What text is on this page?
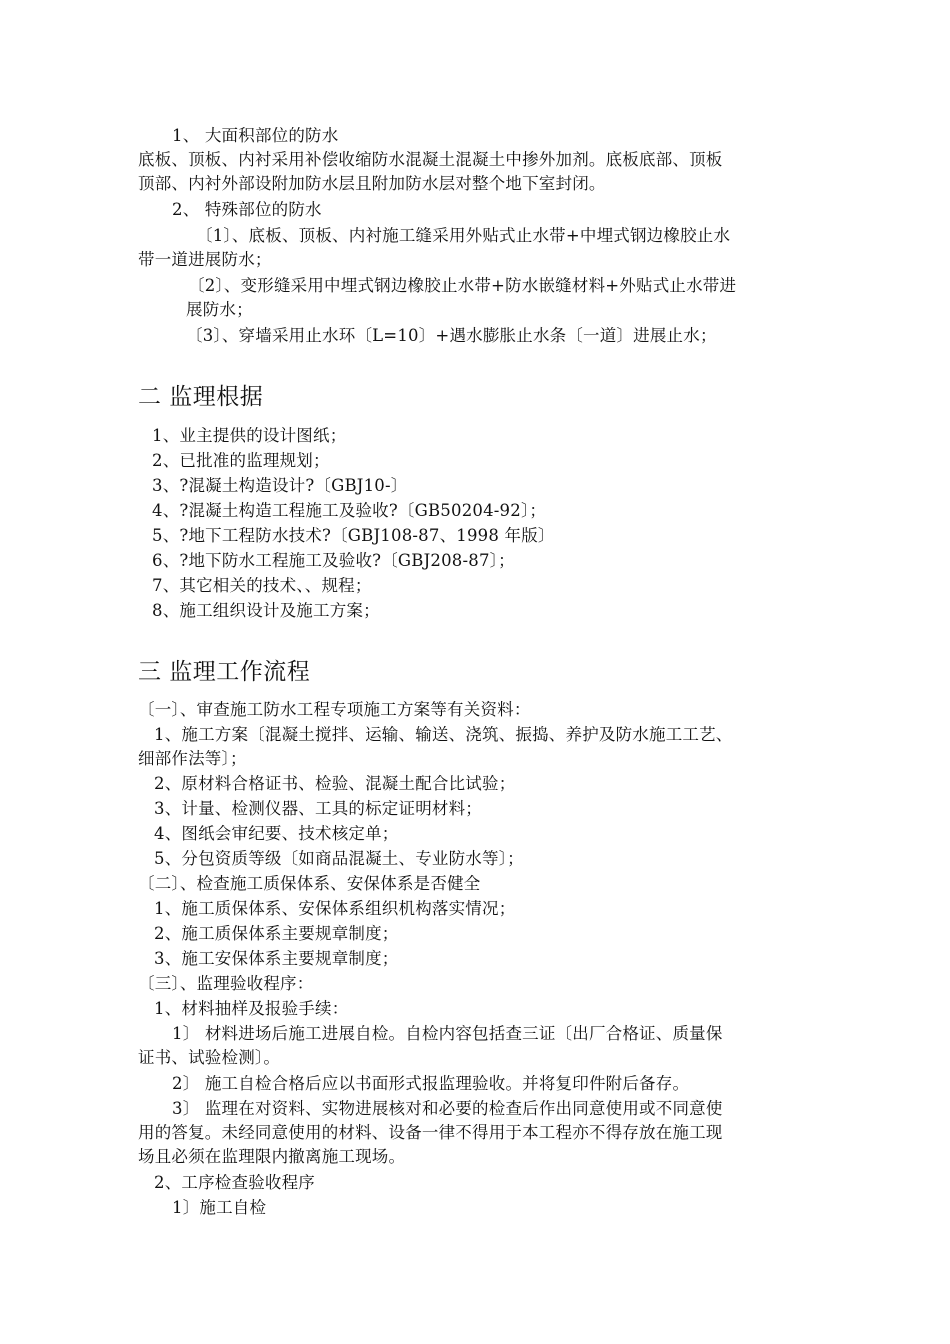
1、 大面积部位的防水
底板、顶板、内衬采用补偿收缩防水混凝土混凝土中掺外加剂。底板底部、顶板
顶部、内衬外部设附加防水层且附加防水层对整个地下室封闭。
2、 特殊部位的防水
〔1〕、底板、顶板、内衬施工缝采用外贴式止水带+中埋式钢边橡胶止水
带一道进展防水；
〔2〕、变形缝采用中埋式钢边橡胶止水带+防水嵌缝材料+外贴式止水带进
展防水；
〔3〕、穿墙采用止水环〔L=10〕+遇水膨胀止水条〔一道〕进展止水；
二 监理根据
1、业主提供的设计图纸；
2、已批准的监理规划；
3、?混凝土构造设计?〔GBJ10-〕
4、?混凝土构造工程施工及验收?〔GB50204-92〕；
5、?地下工程防水技术?〔GBJ108-87、1998 年版〕
6、?地下防水工程施工及验收?〔GBJ208-87〕；
7、其它相关的技术、、规程；
8、施工组织设计及施工方案；
三 监理工作流程
〔一〕、审查施工防水工程专项施工方案等有关资料：
1、施工方案〔混凝土搅拌、运输、输送、浇筑、振捣、养护及防水施工工艺、
细部作法等〕；
2、原材料合格证书、检验、混凝土配合比试验；
3、计量、检测仪器、工具的标定证明材料；
4、图纸会审纪要、技术核定单；
5、分包资质等级〔如商品混凝土、专业防水等〕；
〔二〕、检查施工质保体系、安保体系是否健全
1、施工质保体系、安保体系组织机构落实情况；
2、施工质保体系主要规章制度；
3、施工安保体系主要规章制度；
〔三〕、监理验收程序：
1、材料抽样及报验手续：
1〕 材料进场后施工进展自检。自检内容包括查三证〔出厂合格证、质量保
证书、试验检测〕。
2〕 施工自检合格后应以书面形式报监理验收。并将复印件附后备存。
3〕 监理在对资料、实物进展核对和必要的检查后作出同意使用或不同意使
用的答复。未经同意使用的材料、设备一律不得用于本工程亦不得存放在施工现
场且必须在监理限内撤离施工现场。
2、工序检查验收程序
1〕施工自检
